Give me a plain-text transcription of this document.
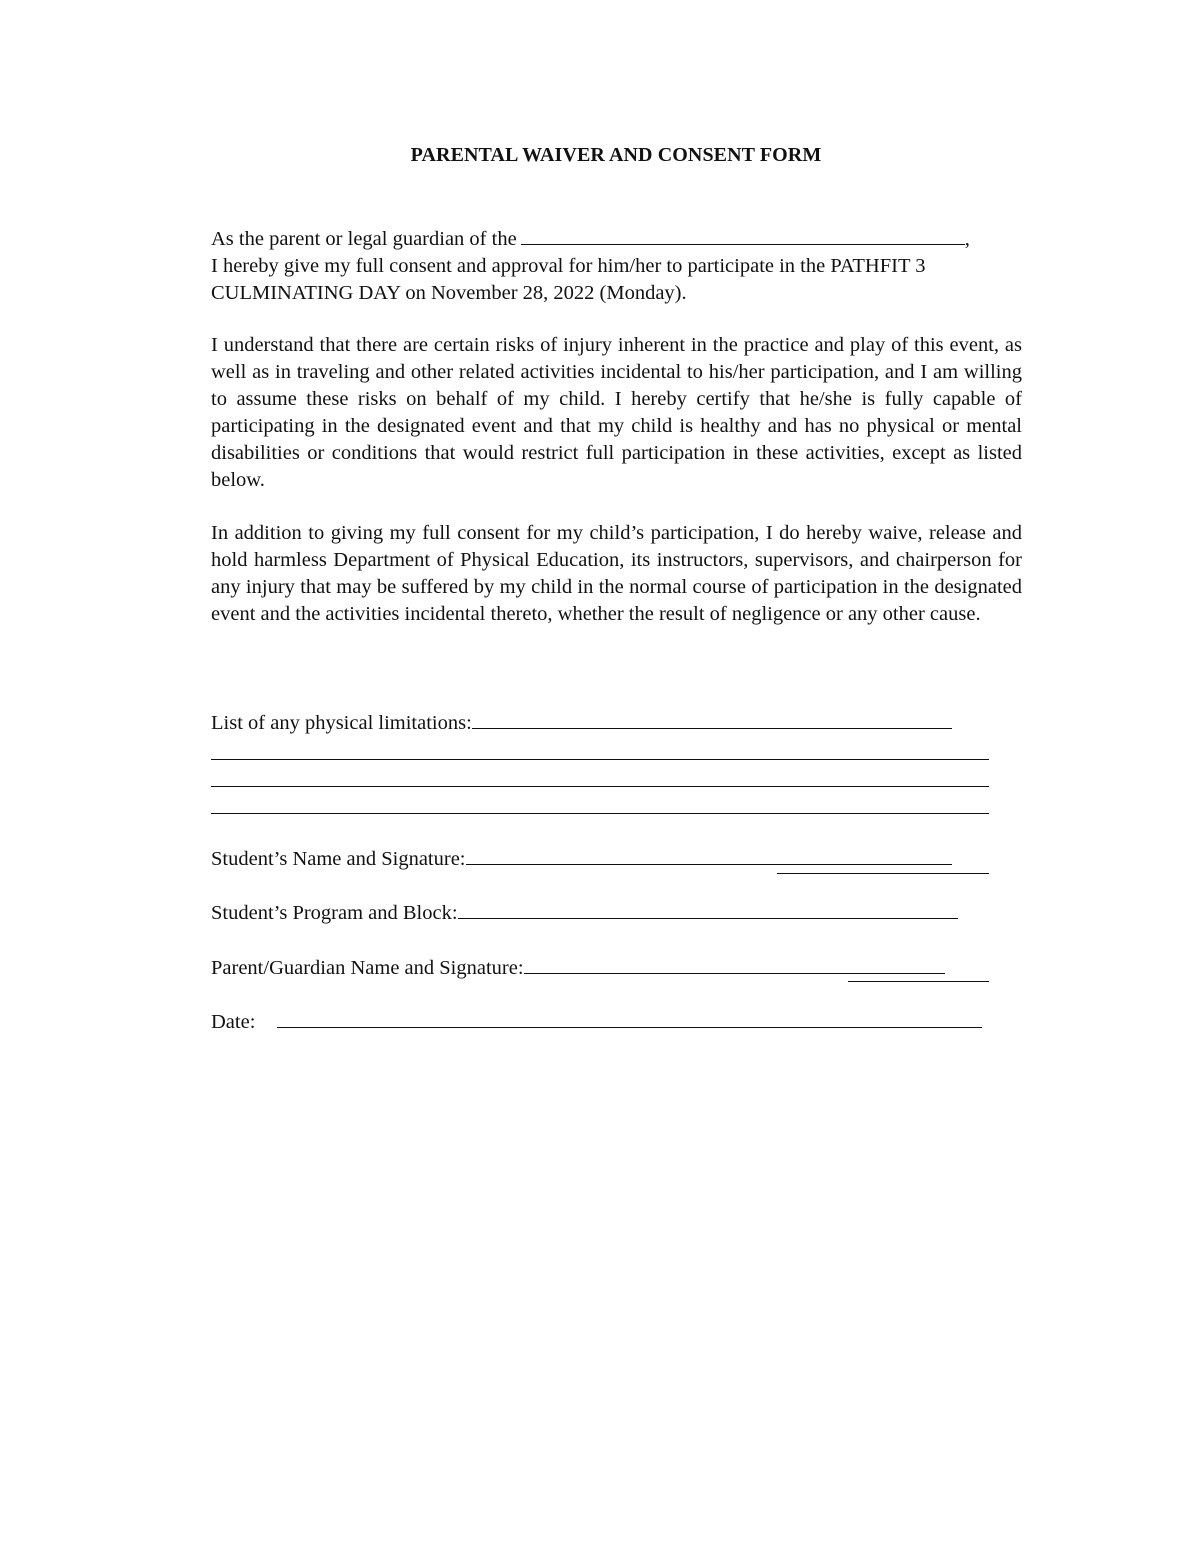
PARENTAL WAIVER AND CONSENT FORM
As the parent or legal guardian of the	,
I hereby give my full consent and approval for him/her to participate in the PATHFIT 3 CULMINATING DAY on November 28, 2022 (Monday).
I understand that there are certain risks of injury inherent in the practice and play of this event, as well as in traveling and other related activities incidental to his/her participation, and I am willing to assume these risks on behalf of my child. I hereby certify that he/she is fully capable of participating in the designated event and that my child is healthy and has no physical or mental disabilities or conditions that would restrict full participation in these activities, except as listed below.
In addition to giving my full consent for my child’s participation, I do hereby waive, release and hold harmless Department of Physical Education, its instructors, supervisors, and chairperson for any injury that may be suffered by my child in the normal course of participation in the designated event and the activities incidental thereto, whether the result of negligence or any other cause.
List of any physical limitations:
Student’s Name and Signature:
Student’s Program and Block:
Parent/Guardian Name and Signature:
Date:
